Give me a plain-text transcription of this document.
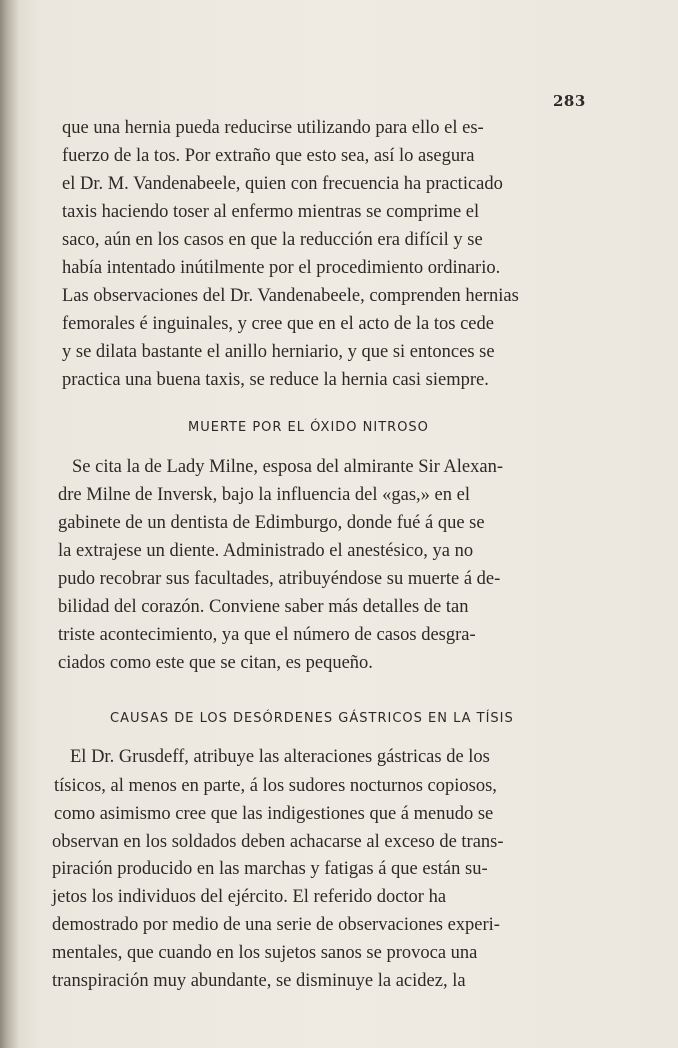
283
que una hernia pueda reducirse utilizando para ello el es-
fuerzo de la tos. Por extraño que esto sea, así lo asegura
el Dr. M. Vandenabeele, quien con frecuencia ha practicado
taxis haciendo toser al enfermo mientras se comprime el
saco, aún en los casos en que la reducción era difícil y se
había intentado inútilmente por el procedimiento ordinario.
Las observaciones del Dr. Vandenabeele, comprenden hernias
femorales é inguinales, y cree que en el acto de la tos cede
y se dilata bastante el anillo herniario, y que si entonces se
practica una buena taxis, se reduce la hernia casi siempre.
MUERTE POR EL ÓXIDO NITROSO
Se cita la de Lady Milne, esposa del almirante Sir Alexan-
dre Milne de Inversk, bajo la influencia del «gas,» en el
gabinete de un dentista de Edimburgo, donde fué á que se
la extrajese un diente. Administrado el anestésico, ya no
pudo recobrar sus facultades, atribuyéndose su muerte á de-
bilidad del corazón. Conviene saber más detalles de tan
triste acontecimiento, ya que el número de casos desgra-
ciados como este que se citan, es pequeño.
CAUSAS DE LOS DESÓRDENES GÁSTRICOS EN LA TÍSIS
El Dr. Grusdeff, atribuye las alteraciones gástricas de los
tísicos, al menos en parte, á los sudores nocturnos copiosos,
como asimismo cree que las indigestiones que á menudo se
observan en los soldados deben achacarse al exceso de trans-
piración producido en las marchas y fatigas á que están su-
jetos los individuos del ejército. El referido doctor ha
demostrado por medio de una serie de observaciones experi-
mentales, que cuando en los sujetos sanos se provoca una
transpiración muy abundante, se disminuye la acidez, la
